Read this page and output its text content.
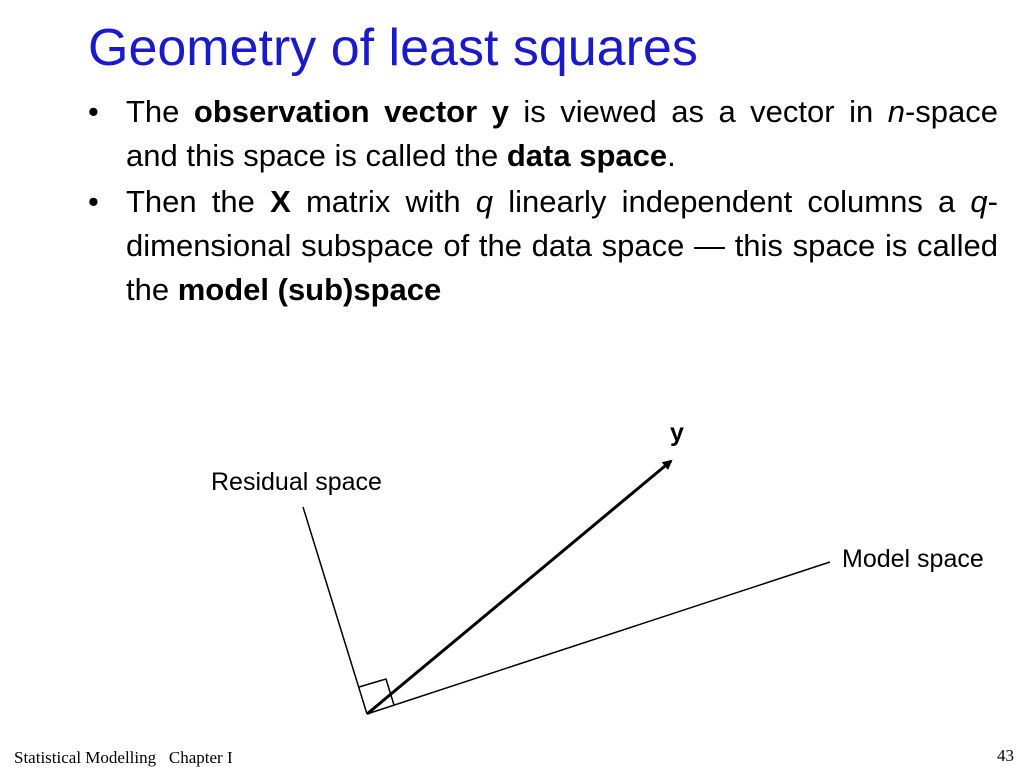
Geometry of least squares
• The observation vector y is viewed as a vector in n-space and this space is called the data space.
• Then the X matrix with q linearly independent columns a q-dimensional subspace of the data space — this space is called the model (sub)space
Residual space
Model space
y
Statistical Modelling   Chapter I	43
